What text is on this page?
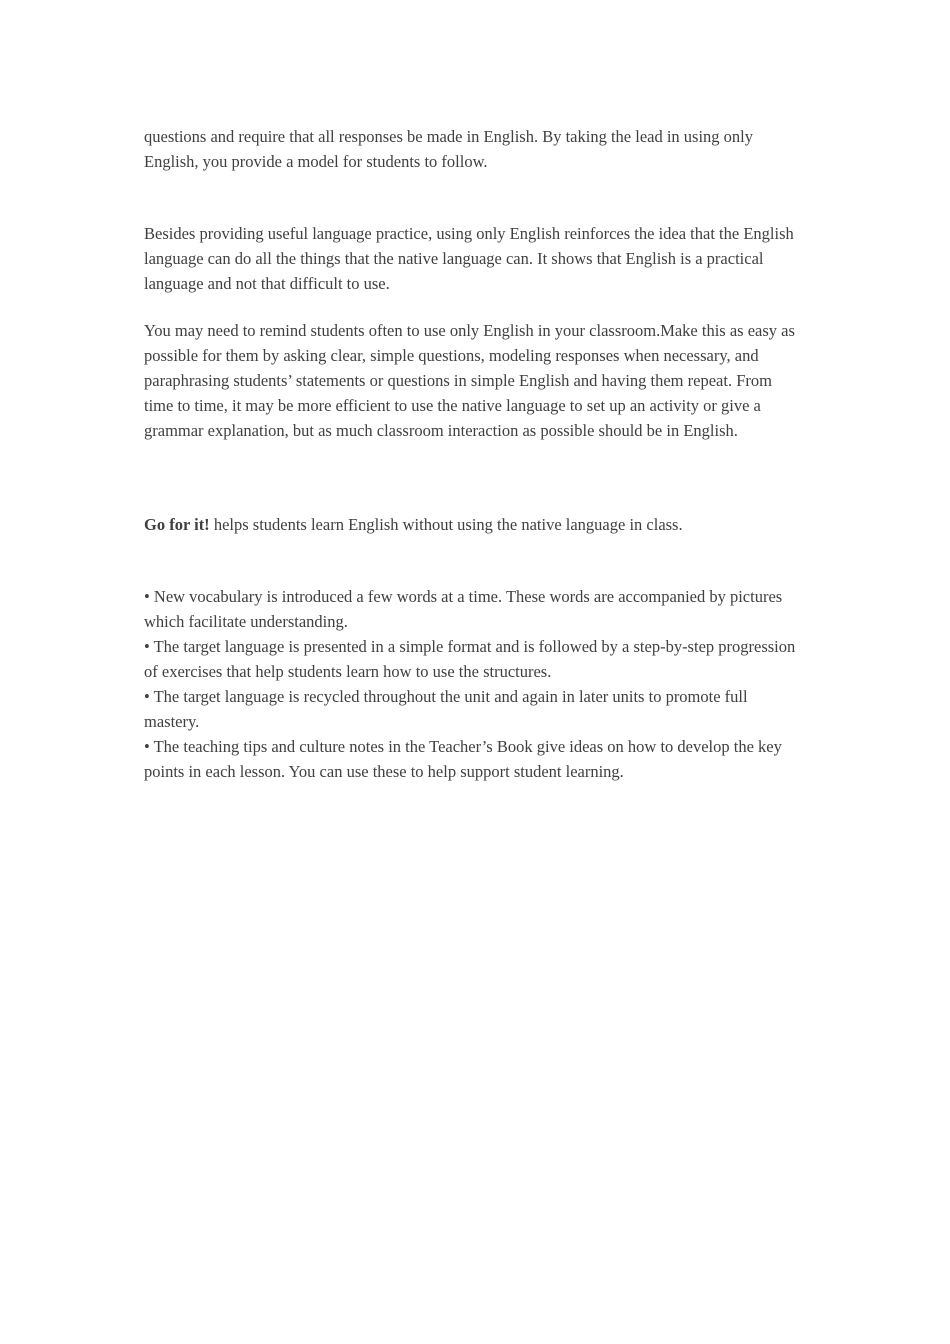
questions and require that all responses be made in English. By taking the lead in using only English, you provide a model for students to follow.

Besides providing useful language practice, using only English reinforces the idea that the English language can do all the things that the native language can. It shows that English is a practical language and not that difficult to use.

You may need to remind students often to use only English in your classroom.Make this as easy as possible for them by asking clear, simple questions, modeling responses when necessary, and paraphrasing students’ statements or questions in simple English and having them repeat. From time to time, it may be more efficient to use the native language to set up an activity or give a grammar explanation, but as much classroom interaction as possible should be in English.

Go for it! helps students learn English without using the native language in class.

• New vocabulary is introduced a few words at a time. These words are accompanied by pictures which facilitate understanding.
• The target language is presented in a simple format and is followed by a step-by-step progression of exercises that help students learn how to use the structures.
• The target language is recycled throughout the unit and again in later units to promote full mastery.
• The teaching tips and culture notes in the Teacher’s Book give ideas on how to develop the key points in each lesson. You can use these to help support student learning.
